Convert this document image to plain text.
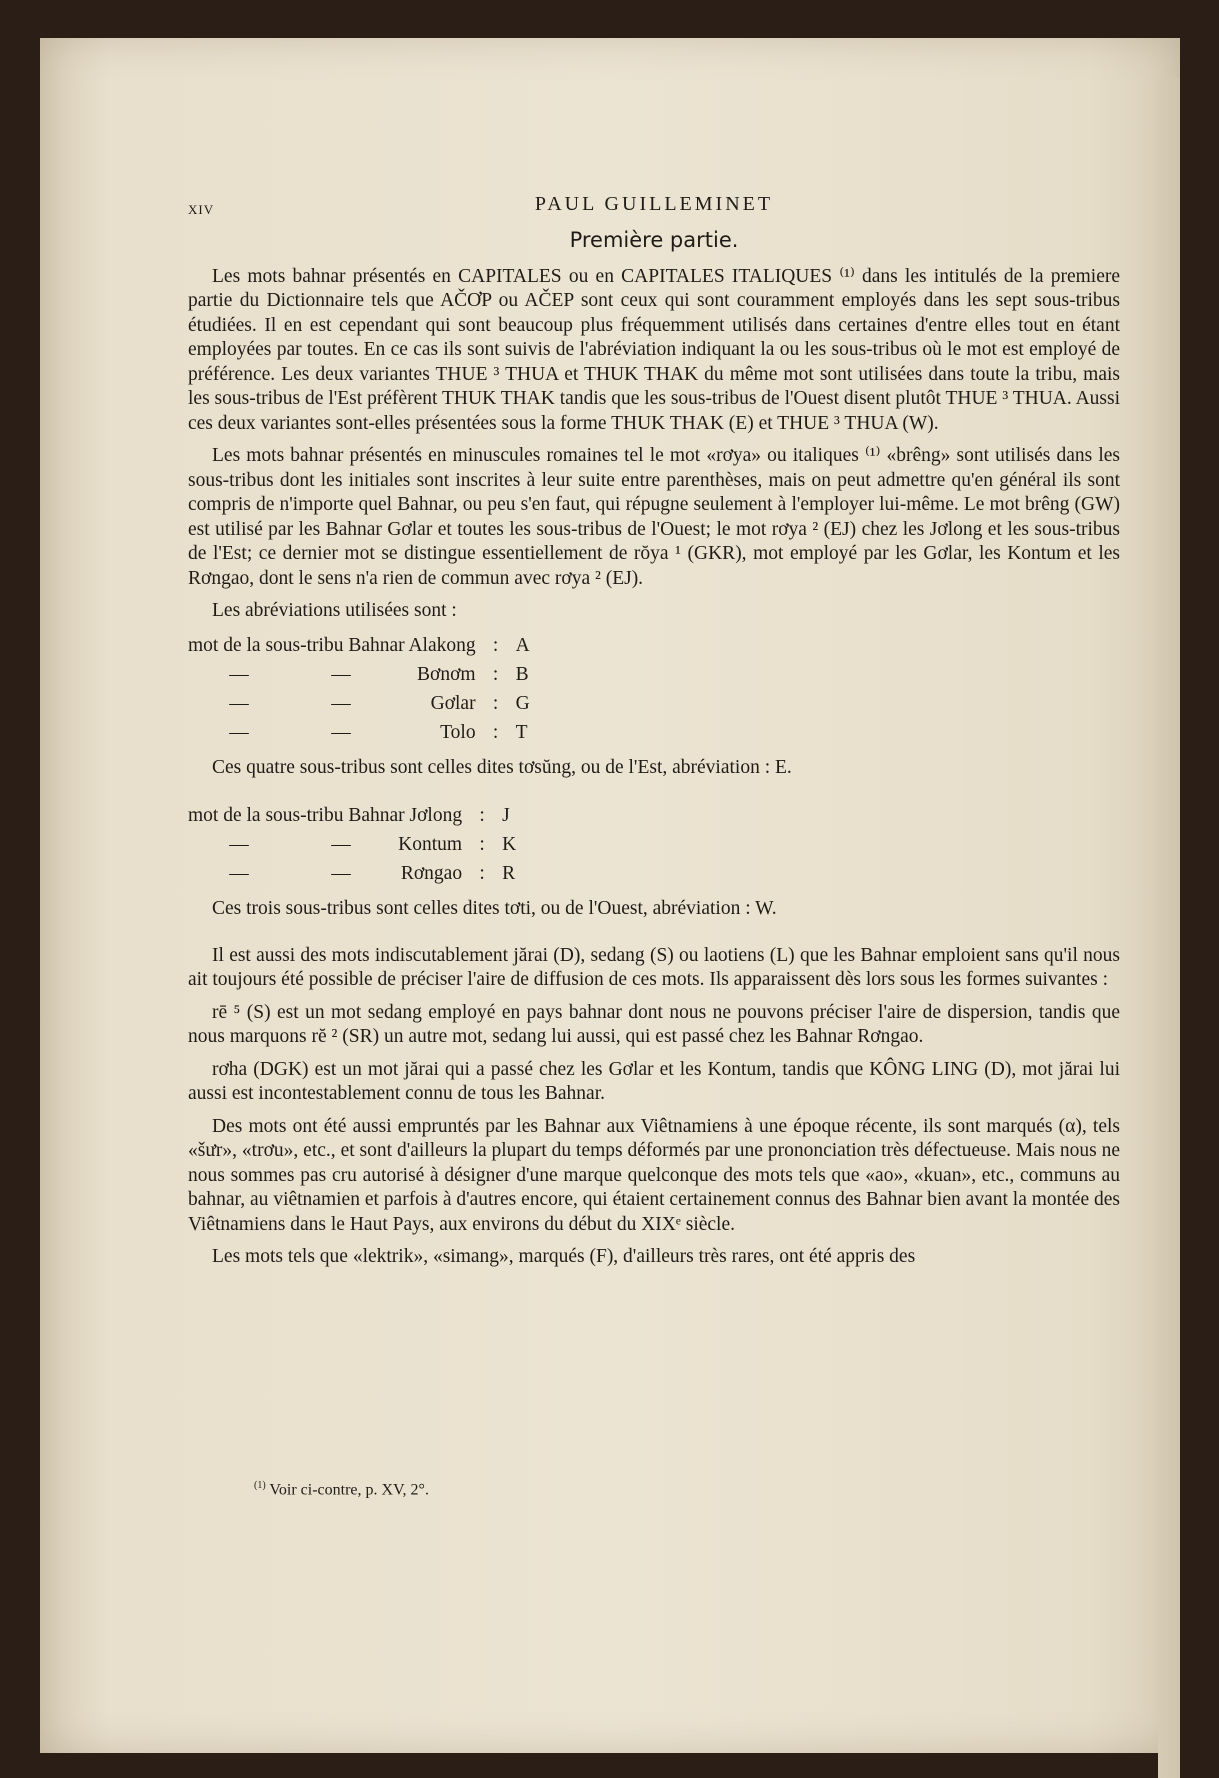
XIV	PAUL GUILLEMINET
Première partie.

Les mots bahnar présentés en CAPITALES ou en CAPITALES ITALIQUES ⁽¹⁾ dans les intitulés de la premiere partie du Dictionnaire tels que AČƠP ou AČEP sont ceux qui sont couramment employés dans les sept sous-tribus étudiées. Il en est cependant qui sont beaucoup plus fréquemment utilisés dans certaines d'entre elles tout en étant employées par toutes. En ce cas ils sont suivis de l'abréviation indiquant la ou les sous-tribus où le mot est employé de préférence. Les deux variantes THUE ³ THUA et THUK THAK du même mot sont utilisées dans toute la tribu, mais les sous-tribus de l'Est préfèrent THUK THAK tandis que les sous-tribus de l'Ouest disent plutôt THUE ³ THUA. Aussi ces deux variantes sont-elles présentées sous la forme THUK THAK (E) et THUE ³ THUA (W).

Les mots bahnar présentés en minuscules romaines tel le mot «rơya» ou italiques ⁽¹⁾ «brêng» sont utilisés dans les sous-tribus dont les initiales sont inscrites à leur suite entre parenthèses, mais on peut admettre qu'en général ils sont compris de n'importe quel Bahnar, ou peu s'en faut, qui répugne seulement à l'employer lui-même. Le mot brêng (GW) est utilisé par les Bahnar Gơlar et toutes les sous-tribus de l'Ouest; le mot rơya ² (EJ) chez les Jơlong et les sous-tribus de l'Est; ce dernier mot se distingue essentiellement de rŏya ¹ (GKR), mot employé par les Gơlar, les Kontum et les Rơngao, dont le sens n'a rien de commun avec rơya ² (EJ).

Les abréviations utilisées sont :

mot de la sous-tribu Bahnar Alakong			:	A
—	—	Bơnơm	:	B
—	—	Gơlar	:	G
—	—	Tolo	:	T
Ces quatre sous-tribus sont celles dites tơsŭng, ou de l'Est, abréviation : E.
mot de la sous-tribu Bahnar Jơlong			:	J
—	—	Kontum	:	K
—	—	Rơngao	:	R
Ces trois sous-tribus sont celles dites tơti, ou de l'Ouest, abréviation : W.

Il est aussi des mots indiscutablement jărai (D), sedang (S) ou laotiens (L) que les Bahnar emploient sans qu'il nous ait toujours été possible de préciser l'aire de diffusion de ces mots. Ils apparaissent dès lors sous les formes suivantes :

rē ⁵ (S) est un mot sedang employé en pays bahnar dont nous ne pouvons préciser l'aire de dispersion, tandis que nous marquons rĕ ² (SR) un autre mot, sedang lui aussi, qui est passé chez les Bahnar Rơngao.

rơha (DGK) est un mot jărai qui a passé chez les Gơlar et les Kontum, tandis que KÔNG LING (D), mot jărai lui aussi est incontestablement connu de tous les Bahnar.

Des mots ont été aussi empruntés par les Bahnar aux Viêtnamiens à une époque récente, ils sont marqués (α), tels «šưr», «trơu», etc., et sont d'ailleurs la plupart du temps déformés par une prononciation très défectueuse. Mais nous ne nous sommes pas cru autorisé à désigner d'une marque quelconque des mots tels que «ao», «kuan», etc., communs au bahnar, au viêtnamien et parfois à d'autres encore, qui étaient certainement connus des Bahnar bien avant la montée des Viêtnamiens dans le Haut Pays, aux environs du début du XIXᵉ siècle.

Les mots tels que «lektrik», «simang», marqués (F), d'ailleurs très rares, ont été appris des

$^{(1)}$ Voir ci-contre, p. XV, 2°.
